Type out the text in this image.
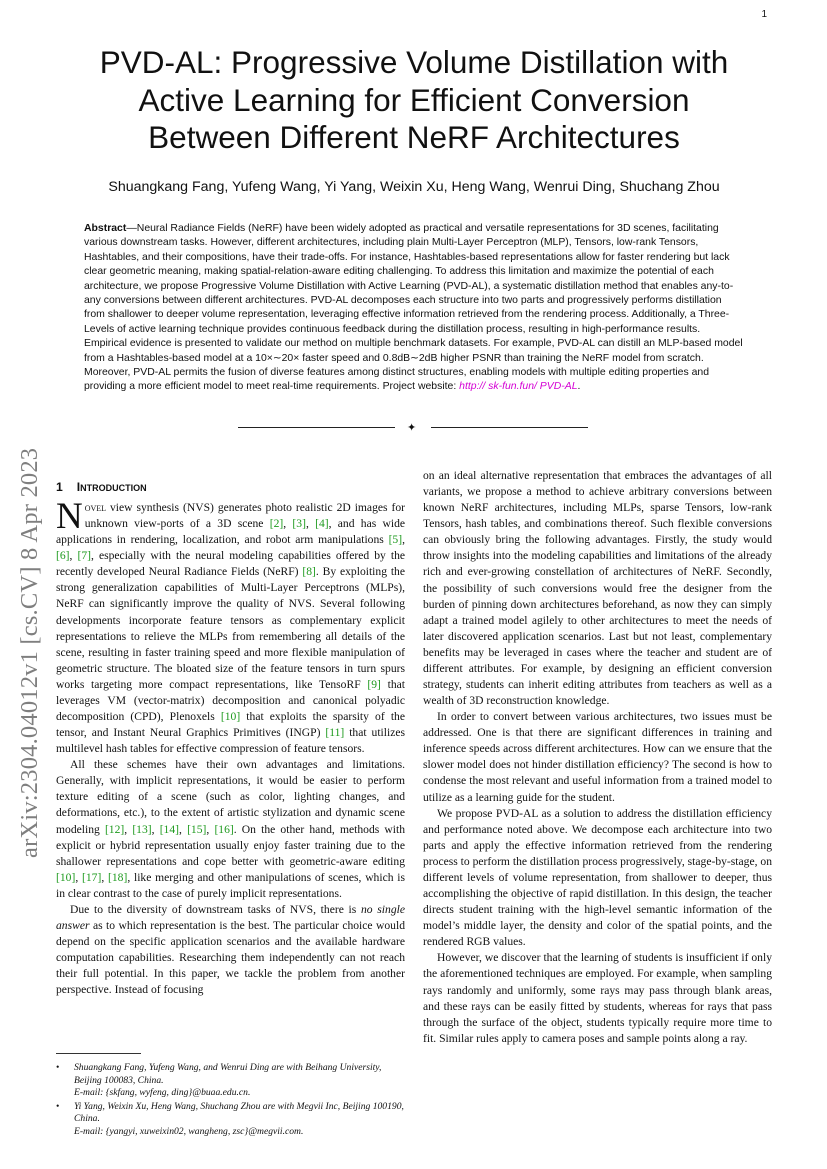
1
PVD-AL: Progressive Volume Distillation with
Active Learning for Efficient Conversion
Between Different NeRF Architectures
Shuangkang Fang, Yufeng Wang, Yi Yang, Weixin Xu, Heng Wang, Wenrui Ding, Shuchang Zhou
Abstract—Neural Radiance Fields (NeRF) have been widely adopted as practical and versatile representations for 3D scenes, facilitating various downstream tasks. However, different architectures, including plain Multi-Layer Perceptron (MLP), Tensors, low-rank Tensors, Hashtables, and their compositions, have their trade-offs. For instance, Hashtables-based representations allow for faster rendering but lack clear geometric meaning, making spatial-relation-aware editing challenging. To address this limitation and maximize the potential of each architecture, we propose Progressive Volume Distillation with Active Learning (PVD-AL), a systematic distillation method that enables any-to-any conversions between different architectures. PVD-AL decomposes each structure into two parts and progressively performs distillation from shallower to deeper volume representation, leveraging effective information retrieved from the rendering process. Additionally, a Three-Levels of active learning technique provides continuous feedback during the distillation process, resulting in high-performance results. Empirical evidence is presented to validate our method on multiple benchmark datasets. For example, PVD-AL can distill an MLP-based model from a Hashtables-based model at a 10×∼20× faster speed and 0.8dB∼2dB higher PSNR than training the NeRF model from scratch. Moreover, PVD-AL permits the fusion of diverse features among distinct structures, enabling models with multiple editing properties and providing a more efficient model to meet real-time requirements. Project website: http:// sk-fun.fun/ PVD-AL.
✦
arXiv:2304.04012v1 [cs.CV] 8 Apr 2023 1 Introduction

Novel view synthesis (NVS) generates photo realistic 2D images for unknown view-ports of a 3D scene [2], [3], [4], and has wide applications in rendering, localization, and robot arm manipulations [5], [6], [7], especially with the neural modeling capabilities offered by the recently developed Neural Radiance Fields (NeRF) [8]. By exploiting the strong generalization capabilities of Multi-Layer Perceptrons (MLPs), NeRF can significantly improve the quality of NVS. Several following developments incorporate feature tensors as complementary explicit representations to relieve the MLPs from remembering all details of the scene, resulting in faster training speed and more flexible manipulation of geometric structure. The bloated size of the feature tensors in turn spurs works targeting more compact representations, like TensoRF [9] that leverages VM (vector-matrix) decomposition and canonical polyadic decomposition (CPD), Plenoxels [10] that exploits the sparsity of the tensor, and Instant Neural Graphics Primitives (INGP) [11] that utilizes multilevel hash tables for effective compression of feature tensors.

All these schemes have their own advantages and limitations. Generally, with implicit representations, it would be easier to perform texture editing of a scene (such as color, lighting changes, and deformations, etc.), to the extent of artistic stylization and dynamic scene modeling [12], [13], [14], [15], [16]. On the other hand, methods with explicit or hybrid representation usually enjoy faster training due to the shallower representations and cope better with geometric-aware editing [10], [17], [18], like merging and other manipulations of scenes, which is in clear contrast to the case of purely implicit representations.

Due to the diversity of downstream tasks of NVS, there is no single answer as to which representation is the best. The particular choice would depend on the specific application scenarios and the available hardware computation capabilities. Researching them independently can not reach their full potential. In this paper, we tackle the problem from another perspective. Instead of focusing

on an ideal alternative representation that embraces the advantages of all variants, we propose a method to achieve arbitrary conversions between known NeRF architectures, including MLPs, sparse Tensors, low-rank Tensors, hash tables, and combinations thereof. Such flexible conversions can obviously bring the following advantages. Firstly, the study would throw insights into the modeling capabilities and limitations of the already rich and ever-growing constellation of architectures of NeRF. Secondly, the possibility of such conversions would free the designer from the burden of pinning down architectures beforehand, as now they can simply adapt a trained model agilely to other architectures to meet the needs of later discovered application scenarios. Last but not least, complementary benefits may be leveraged in cases where the teacher and student are of different attributes. For example, by designing an efficient conversion strategy, students can inherit editing attributes from teachers as well as a wealth of 3D reconstruction knowledge.

In order to convert between various architectures, two issues must be addressed. One is that there are significant differences in training and inference speeds across different architectures. How can we ensure that the slower model does not hinder distillation efficiency? The second is how to condense the most relevant and useful information from a trained model to utilize as a learning guide for the student.

We propose PVD-AL as a solution to address the distillation efficiency and performance noted above. We decompose each architecture into two parts and apply the effective information retrieved from the rendering process to perform the distillation process progressively, stage-by-stage, on different levels of volume representation, from shallower to deeper, thus accomplishing the objective of rapid distillation. In this design, the teacher directs student training with the high-level semantic information of the model’s middle layer, the density and color of the spatial points, and the rendered RGB values.

However, we discover that the learning of students is insufficient if only the aforementioned techniques are employed. For example, when sampling rays randomly and uniformly, some rays may pass through blank areas, and these rays can be easily fitted by students, whereas for rays that pass through the surface of the object, students typically require more time to fit. Similar rules apply to camera poses and sample points along a ray.

• Shuangkang Fang, Yufeng Wang, and Wenrui Ding are with Beihang University, Beijing 100083, China.
E-mail: {skfang, wyfeng, ding}@buaa.edu.cn.
• Yi Yang, Weixin Xu, Heng Wang, Shuchang Zhou are with Megvii Inc, Beijing 100190, China.
E-mail: {yangyi, xuweixin02, wangheng, zsc}@megvii.com.
